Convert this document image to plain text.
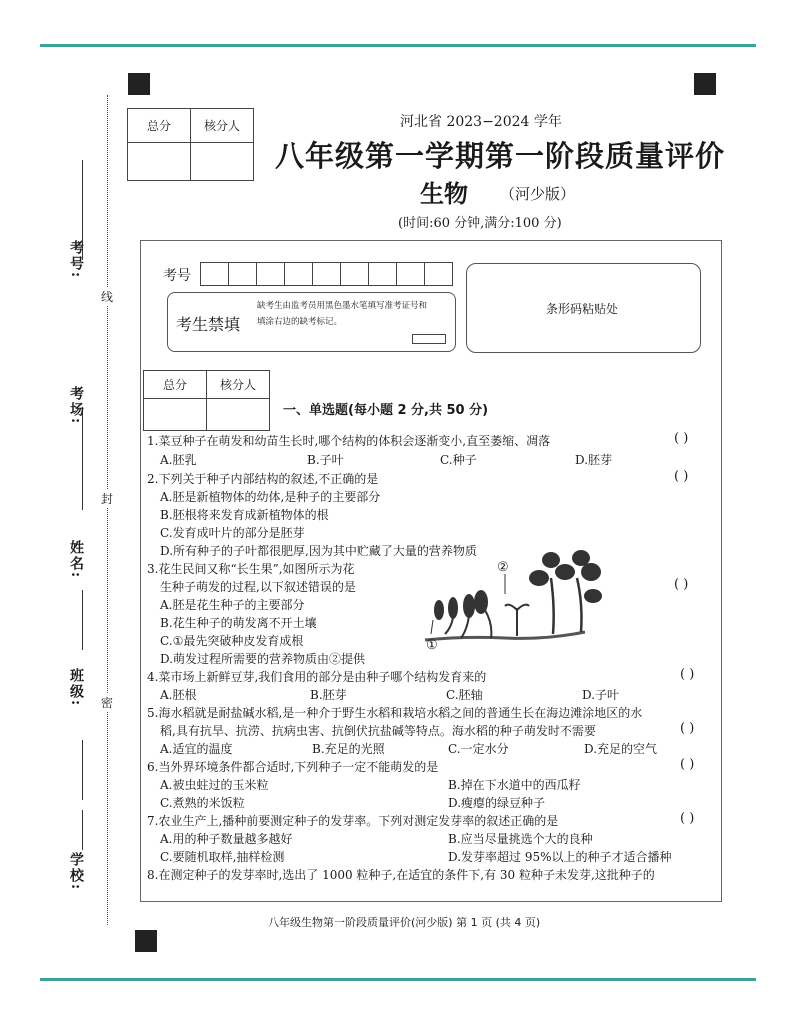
考号:
考场:
姓名:
班级:
学校:
线
封
密
总分	核分人
		河北省 2023−2024 学年
八年级第一学期第一阶段质量评价
生物 （河少版）
(时间:60 分钟,满分:100 分)
考号
考生禁填
缺考生由监考员用黑色墨水笔填写准考证号和填涂右边的缺考标记。
条形码粘贴处
总分	核分人

一、单选题(每小题 2 分,共 50 分)
1.菜豆种子在萌发和幼苗生长时,哪个结构的体积会逐渐变小,直至萎缩、凋落	( )
A.胚乳	B.子叶	C.种子	D.胚芽
2.下列关于种子内部结构的叙述,不正确的是	( )
A.胚是新植物体的幼体,是种子的主要部分
B.胚根将来发育成新植物体的根
C.发育成叶片的部分是胚芽
D.所有种子的子叶都很肥厚,因为其中贮藏了大量的营养物质
3.花生民间又称“长生果”,如图所示为花
生种子萌发的过程,以下叙述错误的是	( )
A.胚是花生种子的主要部分
B.花生种子的萌发离不开土壤
C.①最先突破种皮发育成根
D.萌发过程所需要的营养物质由②提供
②
①
4.菜市场上新鲜豆芽,我们食用的部分是由种子哪个结构发育来的	( )
A.胚根	B.胚芽	C.胚轴	D.子叶
5.海水稻就是耐盐碱水稻,是一种介于野生水稻和栽培水稻之间的普通生长在海边滩涂地区的水
稻,具有抗旱、抗涝、抗病虫害、抗倒伏抗盐碱等特点。海水稻的种子萌发时不需要	( )
A.适宜的温度	B.充足的光照	C.一定水分	D.充足的空气
6.当外界环境条件都合适时,下列种子一定不能萌发的是	( )
A.被虫蛀过的玉米粒	B.掉在下水道中的西瓜籽
C.煮熟的米饭粒	D.瘦瘪的绿豆种子
7.农业生产上,播种前要测定种子的发芽率。下列对测定发芽率的叙述正确的是	( )
A.用的种子数量越多越好	B.应当尽量挑选个大的良种
C.要随机取样,抽样检测	D.发芽率超过 95%以上的种子才适合播种
8.在测定种子的发芽率时,选出了 1000 粒种子,在适宜的条件下,有 30 粒种子未发芽,这批种子的
八年级生物第一阶段质量评价(河少版) 第 1 页 (共 4 页)
